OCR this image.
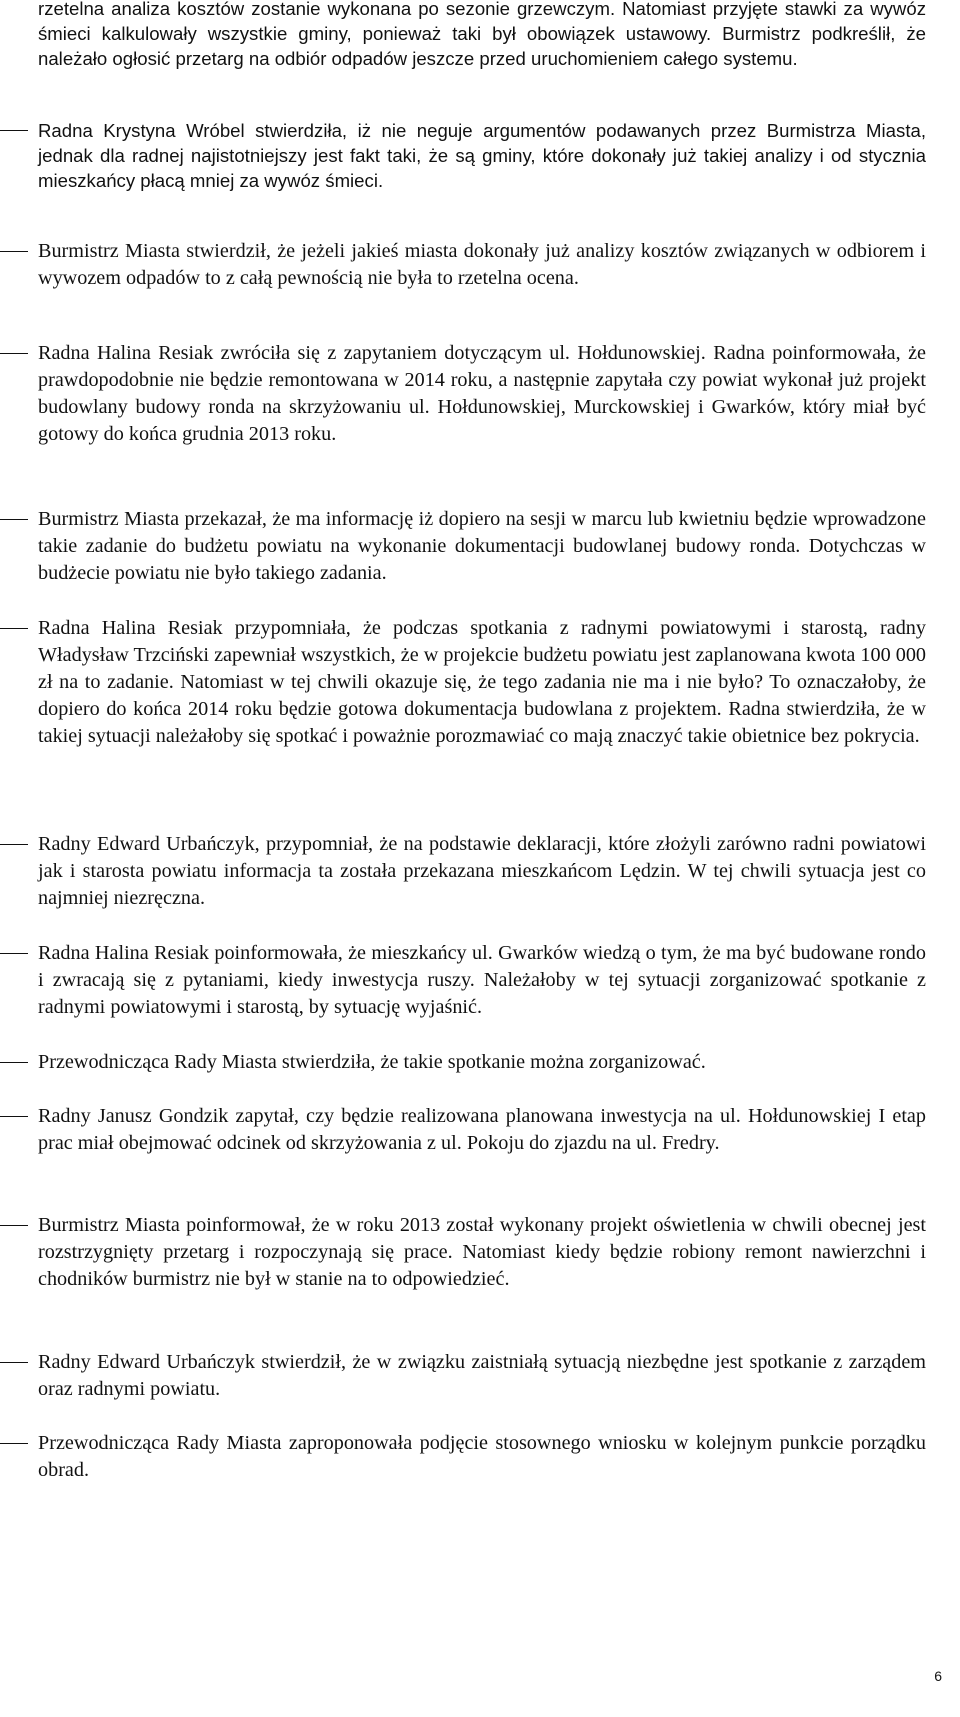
rzetelna analiza kosztów zostanie wykonana po sezonie grzewczym. Natomiast przyjęte stawki za wywóz śmieci kalkulowały wszystkie gminy, ponieważ taki był obowiązek ustawowy. Burmistrz podkreślił, że należało ogłosić przetarg na odbiór odpadów jeszcze przed uruchomieniem całego systemu.

Radna Krystyna Wróbel stwierdziła, iż nie neguje argumentów podawanych przez Burmistrza Miasta, jednak dla radnej najistotniejszy jest fakt taki, że są gminy, które dokonały już takiej analizy i od stycznia mieszkańcy płacą mniej za wywóz śmieci.

Burmistrz Miasta stwierdził, że jeżeli jakieś miasta dokonały już analizy kosztów związanych w odbiorem i wywozem odpadów to z całą pewnością nie była to rzetelna ocena.

Radna Halina Resiak zwróciła się z zapytaniem dotyczącym ul. Hołdunowskiej. Radna poinformowała, że prawdopodobnie nie będzie remontowana w 2014 roku, a następnie zapytała czy powiat wykonał już projekt budowlany budowy ronda na skrzyżowaniu ul. Hołdunowskiej, Murckowskiej i Gwarków, który miał być gotowy do końca grudnia 2013 roku.

Burmistrz Miasta przekazał, że ma informację iż dopiero na sesji w marcu lub kwietniu będzie wprowadzone takie zadanie do budżetu powiatu na wykonanie dokumentacji budowlanej budowy ronda. Dotychczas w budżecie powiatu nie było takiego zadania.

Radna Halina Resiak przypomniała, że podczas spotkania z radnymi powiatowymi i starostą, radny Władysław Trzciński zapewniał wszystkich, że w projekcie budżetu powiatu jest zaplanowana kwota 100 000 zł na to zadanie. Natomiast w tej chwili okazuje się, że tego zadania nie ma i nie było? To oznaczałoby, że dopiero do końca 2014 roku będzie gotowa dokumentacja budowlana z projektem. Radna stwierdziła, że w takiej sytuacji należałoby się spotkać i poważnie porozmawiać co mają znaczyć takie obietnice bez pokrycia.

Radny Edward Urbańczyk, przypomniał, że na podstawie deklaracji, które złożyli zarówno radni powiatowi jak i starosta powiatu informacja ta została przekazana mieszkańcom Lędzin. W tej chwili sytuacja jest co najmniej niezręczna.

Radna Halina Resiak poinformowała, że mieszkańcy ul. Gwarków wiedzą o tym, że ma być budowane rondo i zwracają się z pytaniami, kiedy inwestycja ruszy. Należałoby w tej sytuacji zorganizować spotkanie z radnymi powiatowymi i starostą, by sytuację wyjaśnić.

Przewodnicząca Rady Miasta stwierdziła, że takie spotkanie można zorganizować.

Radny Janusz Gondzik zapytał, czy będzie realizowana planowana inwestycja na ul. Hołdunowskiej I etap prac miał obejmować odcinek od skrzyżowania z ul. Pokoju do zjazdu na ul. Fredry.

Burmistrz Miasta poinformował, że w roku 2013 został wykonany projekt oświetlenia w chwili obecnej jest rozstrzygnięty przetarg i rozpoczynają się prace. Natomiast kiedy będzie robiony remont nawierzchni i chodników burmistrz nie był w stanie na to odpowiedzieć.

Radny Edward Urbańczyk stwierdził, że w związku zaistniałą sytuacją niezbędne jest spotkanie z zarządem oraz radnymi powiatu.

Przewodnicząca Rady Miasta zaproponowała podjęcie stosownego wniosku w kolejnym punkcie porządku obrad.

6
